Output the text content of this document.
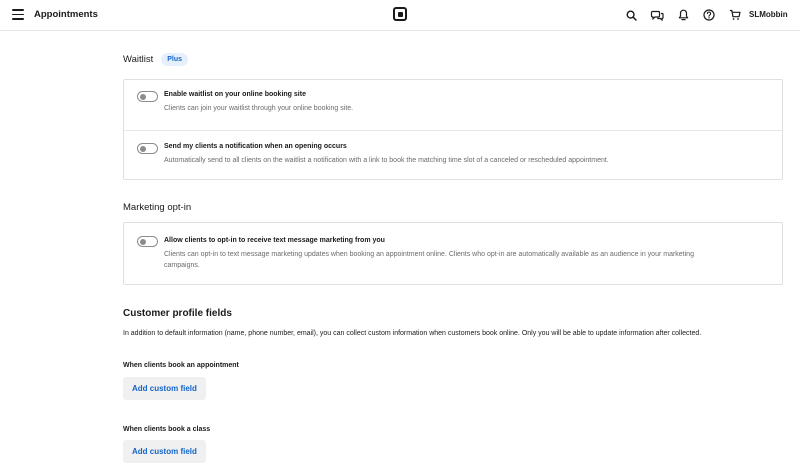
Appointments	SLMobbin
Waitlist	Plus
Enable waitlist on your online booking site
Clients can join your waitlist through your online booking site.
Send my clients a notification when an opening occurs
Automatically send to all clients on the waitlist a notification with a link to book the matching time slot of a canceled or rescheduled appointment.
Marketing opt-in
Allow clients to opt-in to receive text message marketing from you
Clients can opt-in to text message marketing updates when booking an appointment online. Clients who opt-in are automatically available as an audience in your marketing
campaigns.
Customer profile fields
In addition to default information (name, phone number, email), you can collect custom information when customers book online. Only you will be able to update information after collected.
When clients book an appointment
Add custom field
When clients book a class
Add custom field
